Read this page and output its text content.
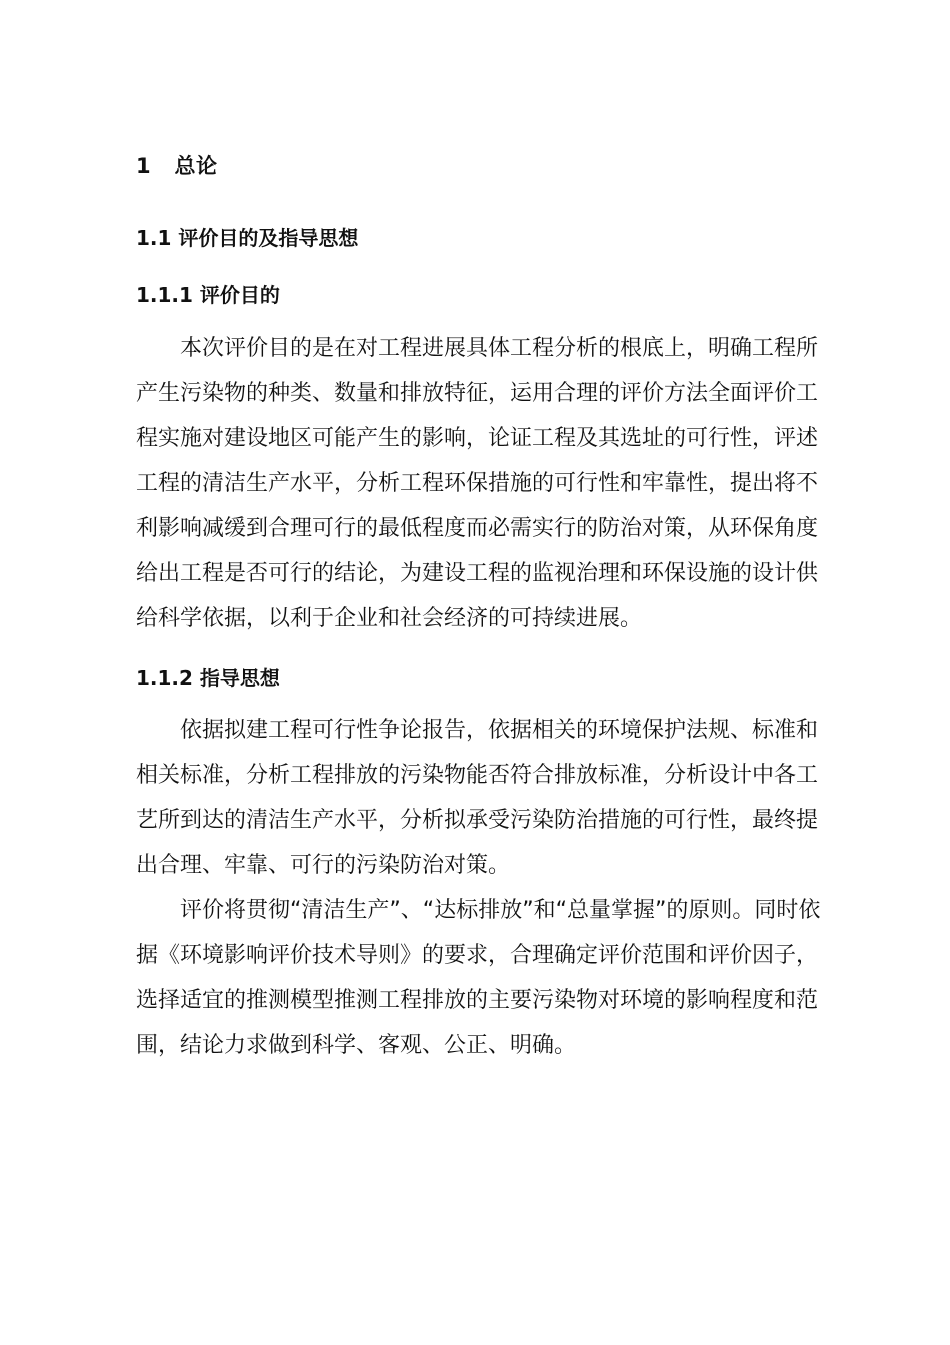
1   总论
1.1 评价目的及指导思想
1.1.1 评价目的

本次评价目的是在对工程进展具体工程分析的根底上，明确工程所产生污染物的种类、数量和排放特征，运用合理的评价方法全面评价工程实施对建设地区可能产生的影响，论证工程及其选址的可行性，评述工程的清洁生产水平，分析工程环保措施的可行性和牢靠性，提出将不利影响减缓到合理可行的最低程度而必需实行的防治对策，从环保角度给出工程是否可行的结论，为建设工程的监视治理和环保设施的设计供给科学依据，以利于企业和社会经济的可持续进展。

1.1.2 指导思想

依据拟建工程可行性争论报告，依据相关的环境保护法规、标准和相关标准，分析工程排放的污染物能否符合排放标准，分析设计中各工艺所到达的清洁生产水平，分析拟承受污染防治措施的可行性，最终提出合理、牢靠、可行的污染防治对策。

评价将贯彻“清洁生产”、“达标排放”和“总量掌握”的原则。同时依据《环境影响评价技术导则》的要求，合理确定评价范围和评价因子，选择适宜的推测模型推测工程排放的主要污染物对环境的影响程度和范围，结论力求做到科学、客观、公正、明确。
